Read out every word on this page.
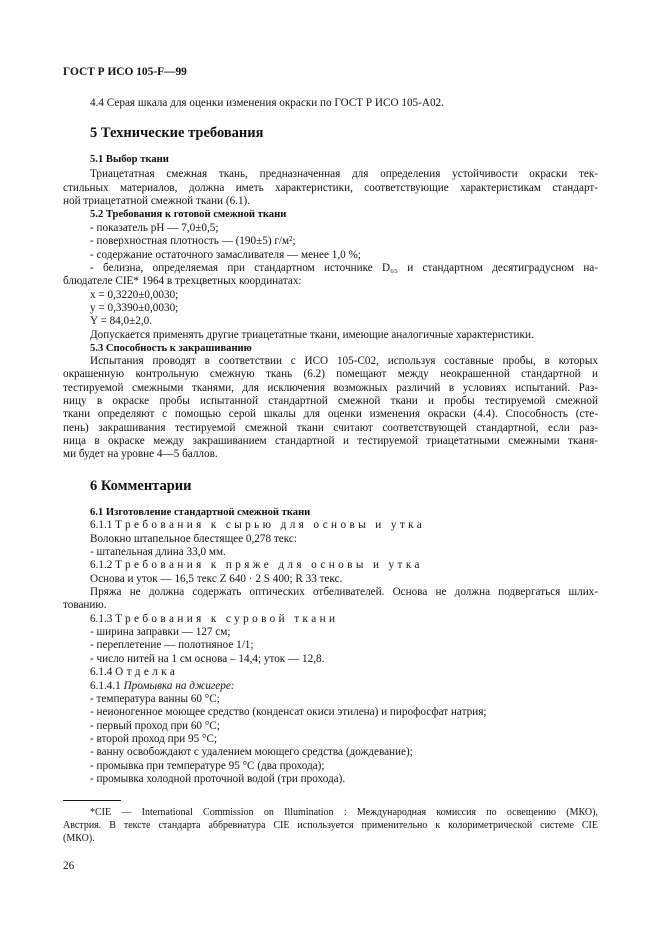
ГОСТ Р ИСО 105-F—99
4.4 Серая шкала для оценки изменения окраски по ГОСТ Р ИСО 105-A02.
5 Технические требования
5.1 Выбор ткани
Триацетатная смежная ткань, предназначенная для определения устойчивости окраски тек-
стильных материалов, должна иметь характеристики, соответствующие характеристикам стандарт-
ной триацетатной смежной ткани (6.1).
5.2 Требования к готовой смежной ткани
- показатель pH — 7,0±0,5;
- поверхностная плотность — (190±5) г/м²;
- содержание остаточного замасливателя — менее 1,0 %;
- белизна, определяемая при стандартном источнике D₆₅ и стандартном десятиградусном на-
блюдателе CIE* 1964 в трехцветных координатах:
x = 0,3220±0,0030;
y = 0,3390±0,0030;
Y = 84,0±2,0.
Допускается применять другие триацетатные ткани, имеющие аналогичные характеристики.
5.3 Способность к закрашиванию
Испытания проводят в соответствии с ИСО 105-C02, используя составные пробы, в которых
окрашенную контрольную смежную ткань (6.2) помещают между неокрашенной стандартной и
тестируемой смежными тканями, для исключения возможных различий в условиях испытаний. Раз-
ницу в окраске пробы испытанной стандартной смежной ткани и пробы тестируемой смежной
ткани определяют с помощью серой шкалы для оценки изменения окраски (4.4). Способность (сте-
пень) закрашивания тестируемой смежной ткани считают соответствующей стандартной, если раз-
ница в окраске между закрашиванием стандартной и тестируемой триацетатными смежными тканя-
ми будет на уровне 4—5 баллов.
6 Комментарии
6.1 Изготовление стандартной смежной ткани
6.1.1 Требования к сырью для основы и утка
Волокно штапельное блестящее 0,278 текс:
- штапельная длина 33,0 мм.
6.1.2 Требования к пряже для основы и утка
Основа и уток — 16,5 текс Z 640 · 2 S 400; R 33 текс.
Пряжа не должна содержать оптических отбеливателей. Основа не должна подвергаться шлих-
тованию.
6.1.3 Требования к суровой ткани
- ширина заправки — 127 см;
- переплетение — полотняное 1/1;
- число нитей на 1 см основа – 14,4; уток — 12,8.
6.1.4 Отделка
6.1.4.1 Промывка на джигере:
- температура ванны 60 °C;
- неионогенное моющее средство (конденсат окиси этилена) и пирофосфат натрия;
- первый проход при 60 °C;
- второй проход при 95 °C;
- ванну освобождают с удалением моющего средства (дождевание);
- промывка при температуре 95 °C (два прохода);
- промывка холодной проточной водой (три прохода).
*CIE — International Commission on Illumination : Международная комиссия по освещению (МКО),
Австрия. В тексте стандарта аббревиатура CIE используется применительно к колориметрической системе CIE
(МКО).
26
